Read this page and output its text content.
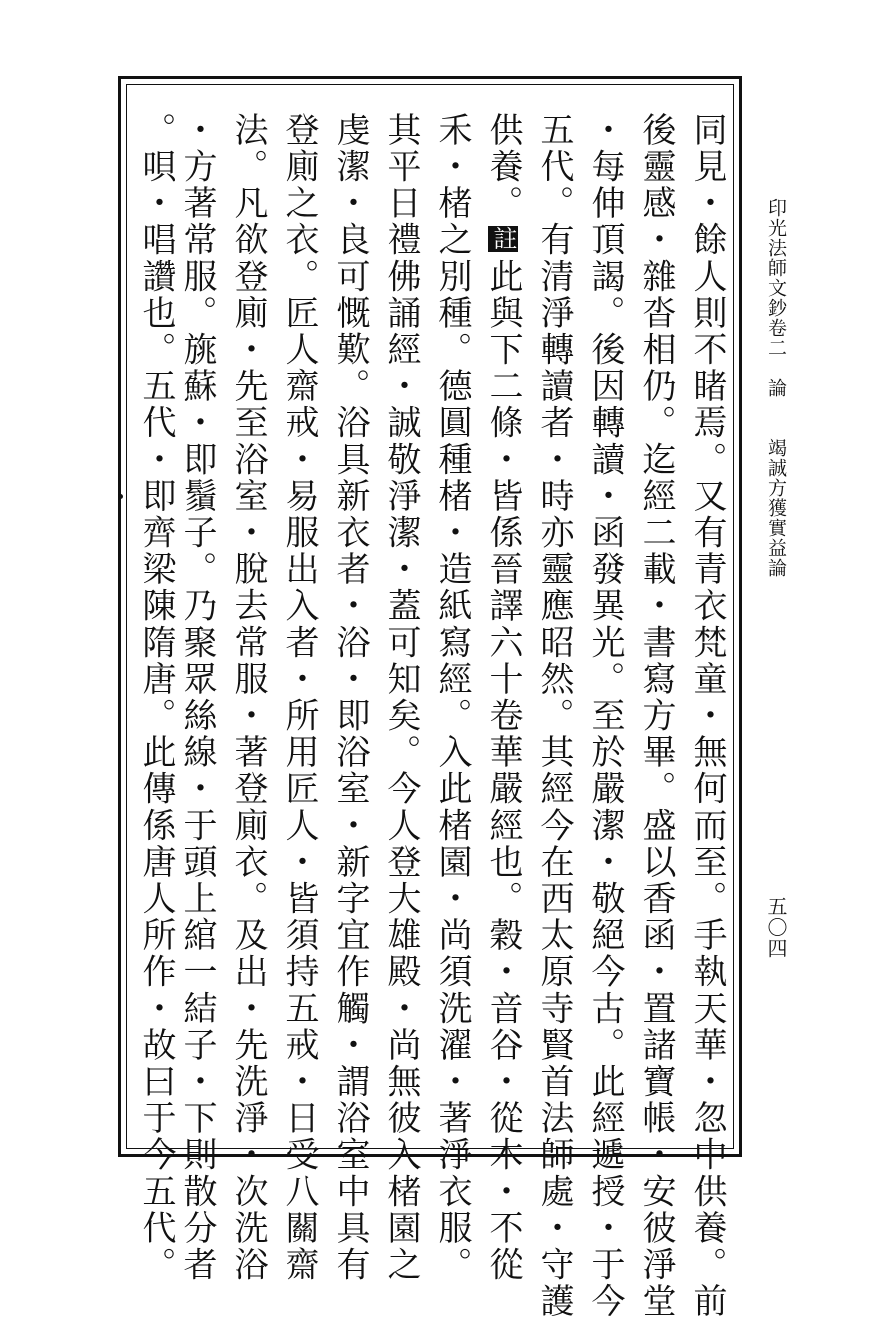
印光法師文鈔卷二　論　　竭誠方獲實益論
五〇四
同見・餘人則不睹焉。又有青衣梵童・無何而至。手執天華・忽中供養。前
後靈感・雜沓相仍。迄經二載・書寫方畢。盛以香函・置諸寶帳・安彼淨堂
・每伸頂謁。後因轉讀・函發異光。至於嚴潔・敬絕今古。此經遞授・于今
五代。有清淨轉讀者・時亦靈應昭然。其經今在西太原寺賢首法師處・守護
供養。註此與下二條・皆係晉譯六十卷華嚴經也。穀・音谷・從木・不從
禾・楮之別種。德圓種楮・造紙寫經。入此楮園・尚須洗濯・著淨衣服。
其平日禮佛誦經・誠敬淨潔・蓋可知矣。今人登大雄殿・尚無彼入楮園之
虔潔・良可慨歎。浴具新衣者・浴・即浴室・新字宜作觸・謂浴室中具有
登廁之衣。匠人齋戒・易服出入者・所用匠人・皆須持五戒・日受八關齋
法。凡欲登廁・先至浴室・脫去常服・著登廁衣。及出・先洗淨・次洗浴
・方著常服。旐蘇・即鬚子。乃聚眾絲線・于頭上綰一結子・下則散分者
。唄・唱讚也。五代・即齊梁陳隋唐。此傳係唐人所作・故曰于今五代。
